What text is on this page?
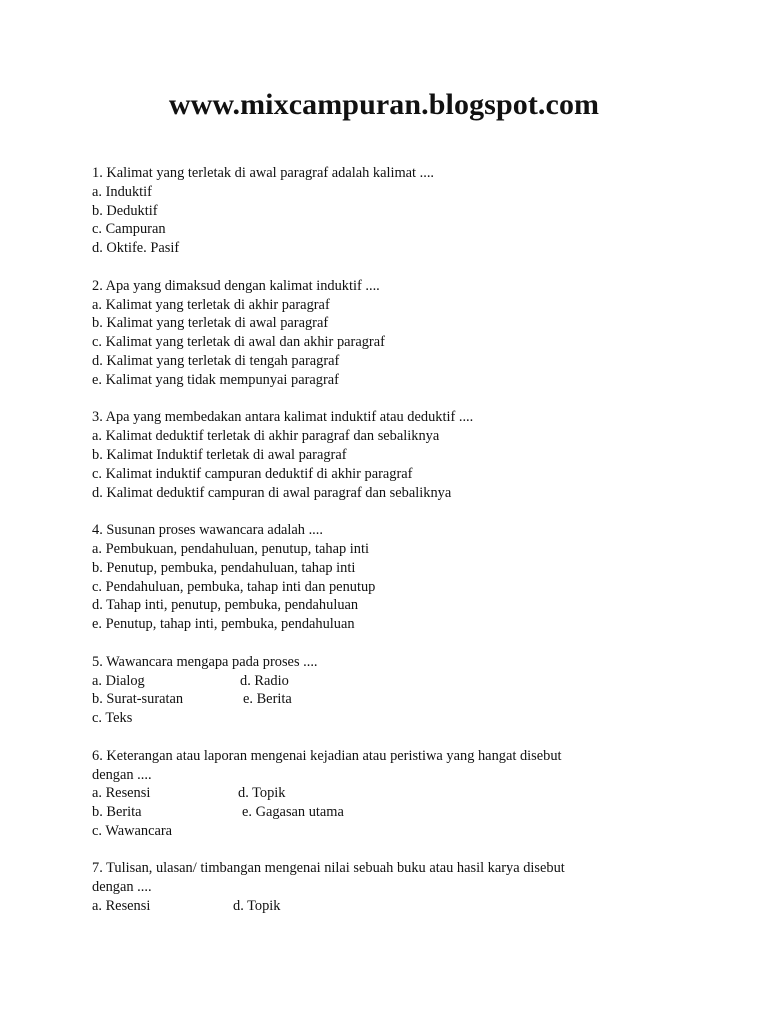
www.mixcampuran.blogspot.com
1. Kalimat yang terletak di awal paragraf adalah kalimat ....
a. Induktif
b. Deduktif
c. Campuran
d. Oktife. Pasif
2. Apa yang dimaksud dengan kalimat induktif ....
a. Kalimat yang terletak di akhir paragraf
b. Kalimat yang terletak di awal paragraf
c. Kalimat yang terletak di awal dan akhir paragraf
d. Kalimat yang terletak di tengah paragraf
e. Kalimat yang tidak mempunyai paragraf
3. Apa yang membedakan antara kalimat induktif atau deduktif ....
a. Kalimat deduktif terletak di akhir paragraf dan sebaliknya
b. Kalimat Induktif terletak di awal paragraf
c. Kalimat induktif campuran deduktif di akhir paragraf
d. Kalimat deduktif campuran di awal paragraf dan sebaliknya
4. Susunan proses wawancara adalah ....
a. Pembukuan, pendahuluan, penutup, tahap inti
b. Penutup, pembuka, pendahuluan, tahap inti
c. Pendahuluan, pembuka, tahap inti dan penutup
d. Tahap inti, penutup, pembuka, pendahuluan
e. Penutup, tahap inti, pembuka, pendahuluan
5. Wawancara mengapa pada proses ....
a. Dialog	d. Radio
b. Surat-suratan	e. Berita
c. Teks
6. Keterangan atau laporan mengenai kejadian atau peristiwa yang hangat disebut
dengan ....
a. Resensi	d. Topik
b. Berita	e. Gagasan utama
c. Wawancara
7. Tulisan, ulasan/ timbangan mengenai nilai sebuah buku atau hasil karya disebut
dengan ....
a. Resensi	d. Topik
